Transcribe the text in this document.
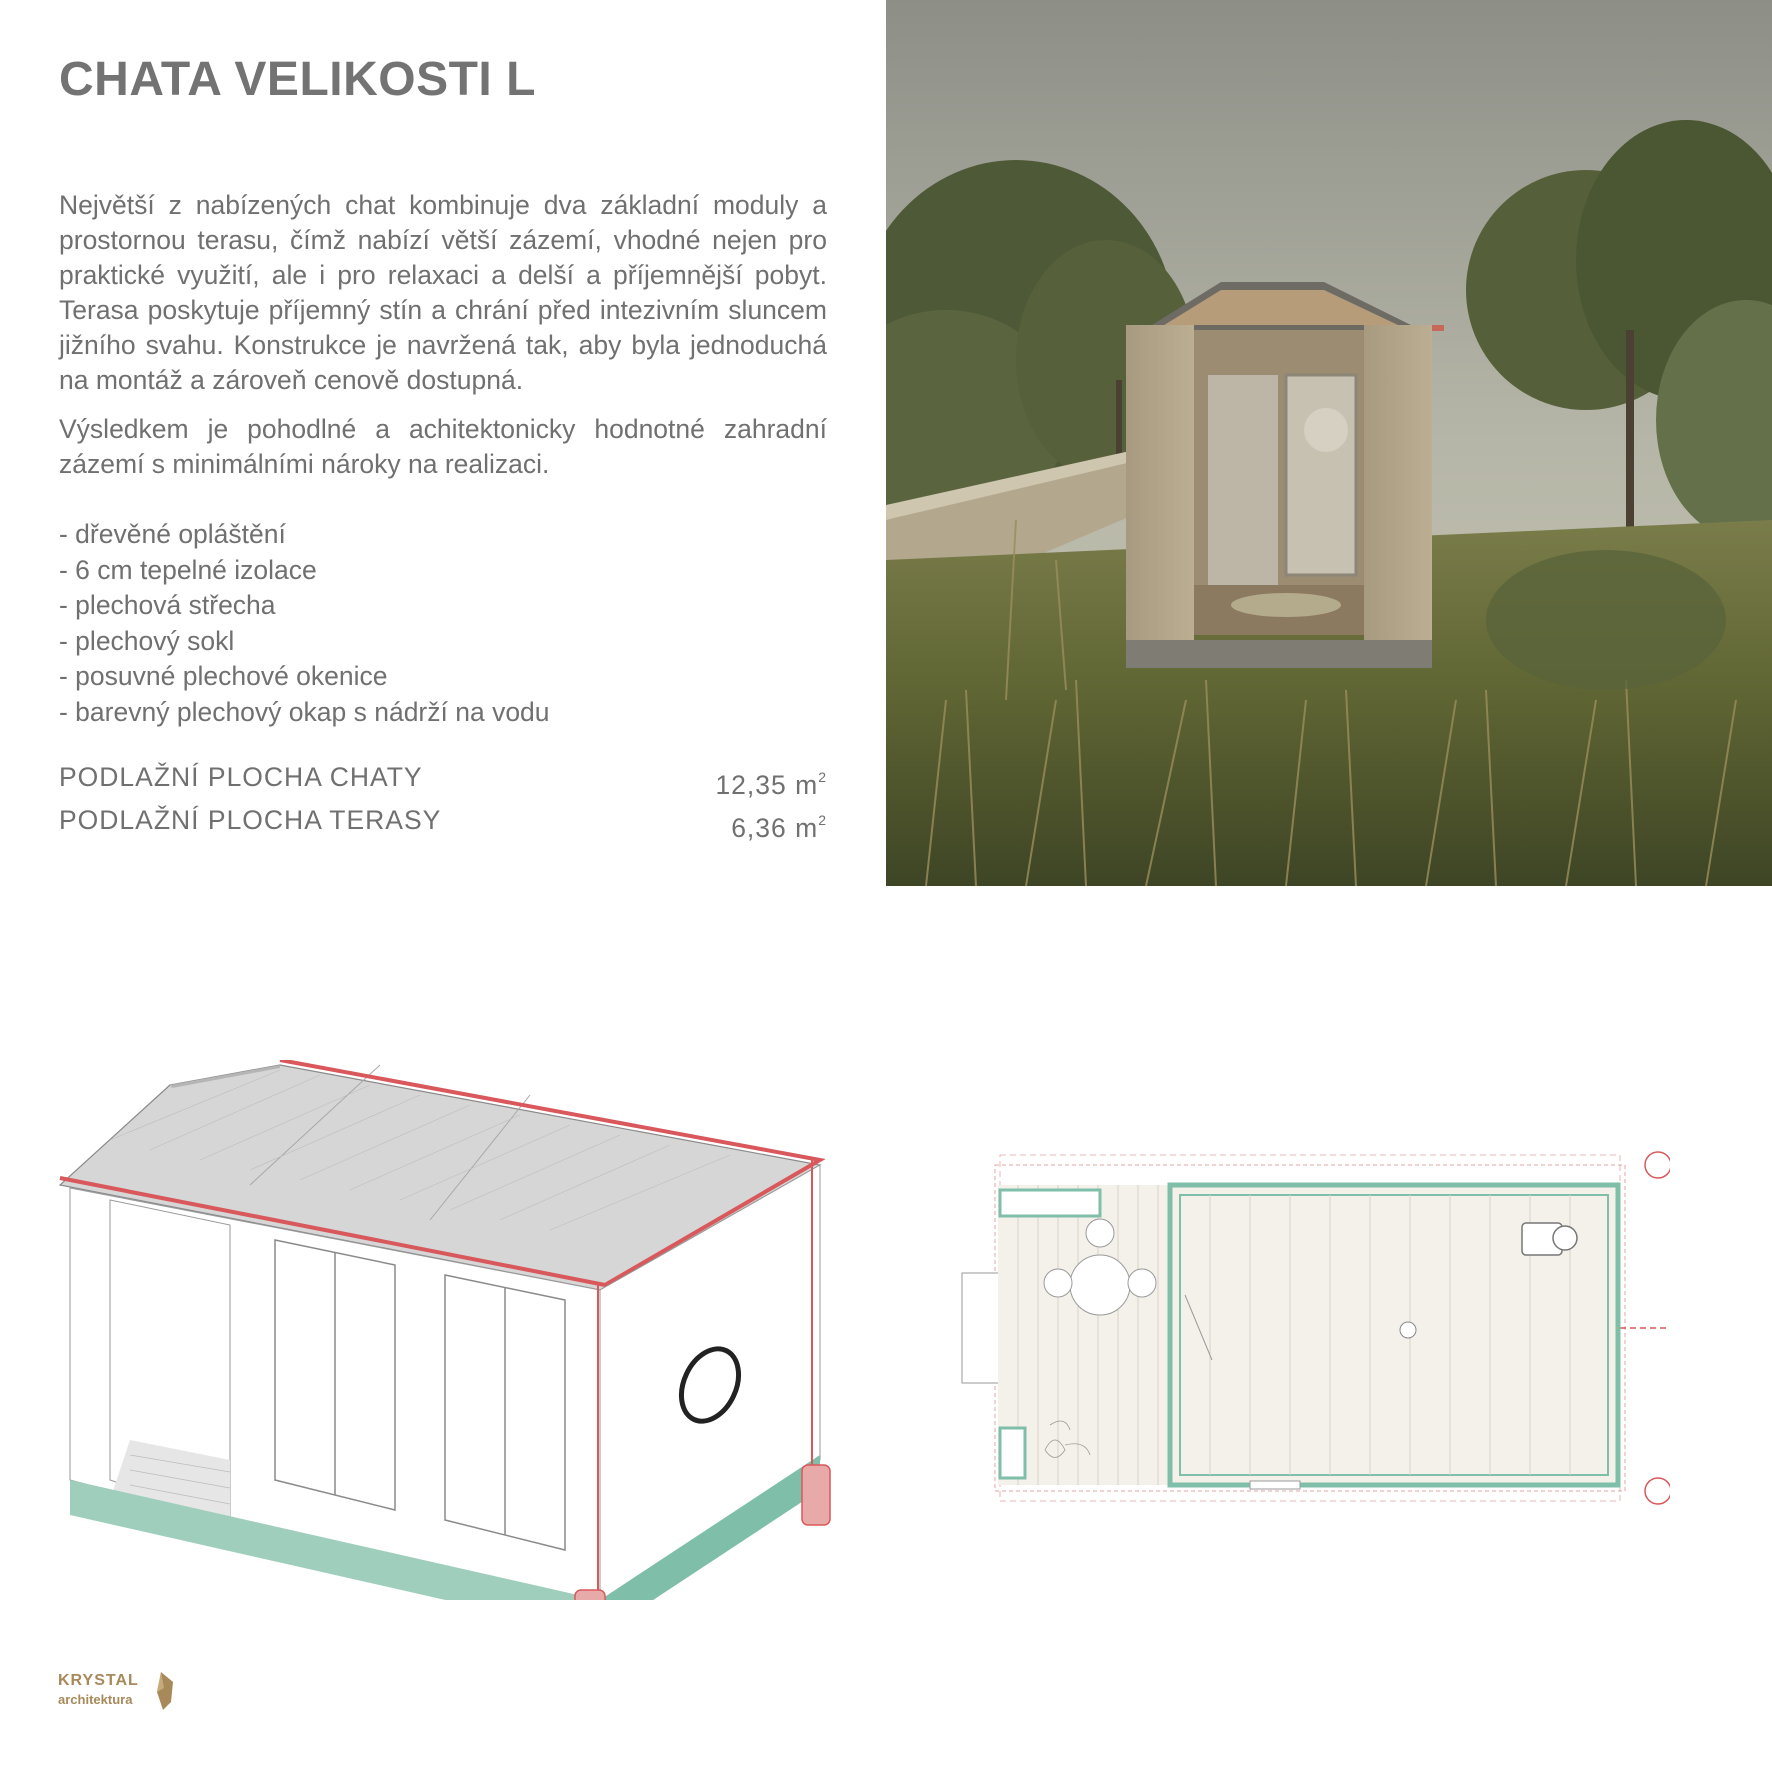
CHATA VELIKOSTI L

Největší z nabízených chat kombinuje dva základní moduly a prostornou terasu, čímž nabízí větší zázemí, vhodné nejen pro praktické využití, ale i pro relaxaci a delší a příjemnější pobyt. Terasa poskytuje příjemný stín a chrání před intezivním sluncem jižního svahu. Konstrukce je navržená tak, aby byla jednoduchá na montáž a zároveň cenově dostupná.

Výsledkem je pohodlné a achitektonicky hodnotné zahradní zázemí s minimálními nároky na realizaci.

- dřevěné opláštění
- 6 cm tepelné izolace
- plechová střecha
- plechový sokl
- posuvné plechové okenice
- barevný plechový okap s nádrží na vodu
PODLAŽNÍ PLOCHA CHATY	12,35 $m^2$
PODLAŽNÍ PLOCHA TERASY	6,36 $m^2$
KRYSTAL
architektura
